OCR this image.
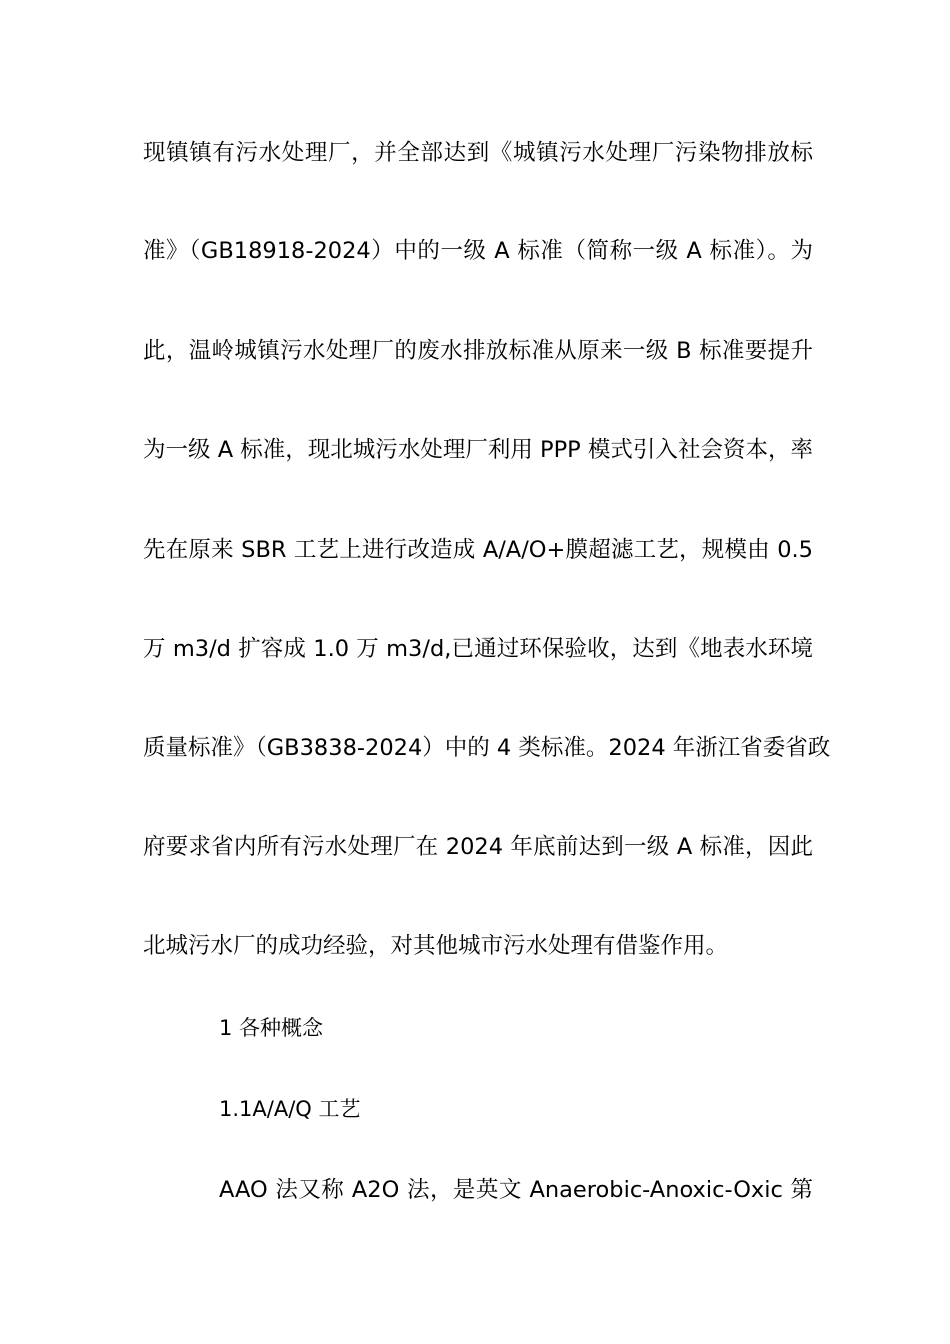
现镇镇有污水处理厂，并全部达到《城镇污水处理厂污染物排放标
准》（GB18918-2024）中的一级 A 标准（简称一级 A 标准）。为
此，温岭城镇污水处理厂的废水排放标准从原来一级 B 标准要提升
为一级 A 标准，现北城污水处理厂利用 PPP 模式引入社会资本，率
先在原来 SBR 工艺上进行改造成 A/A/O+膜超滤工艺，规模由 0.5
万 m3/d 扩容成 1.0 万 m3/d,已通过环保验收，达到《地表水环境
质量标准》（GB3838-2024）中的 4 类标准。2024 年浙江省委省政
府要求省内所有污水处理厂在 2024 年底前达到一级 A 标准，因此
北城污水厂的成功经验，对其他城市污水处理有借鉴作用。
1 各种概念
1.1A/A/Q 工艺
AAO 法又称 A2O 法，是英文 Anaerobic-Anoxic-Oxic 第
